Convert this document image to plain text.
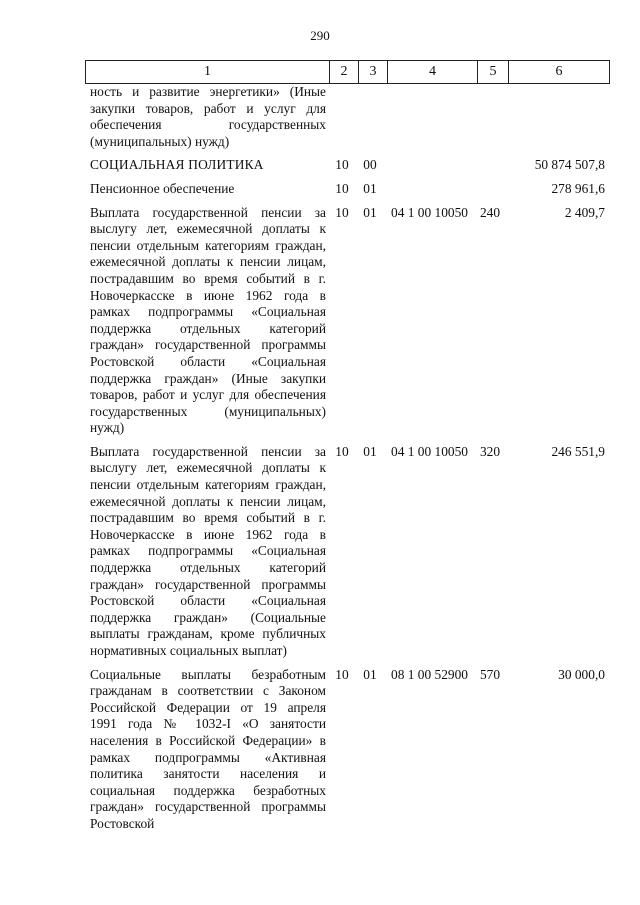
290
1	2	3	4	5	6
ность и развитие энергетики» (Иные закупки товаров, работ и услуг для обеспечения государственных (муниципальных) нужд)					
СОЦИАЛЬНАЯ ПОЛИТИКА	10	00			50 874 507,8
Пенсионное обеспечение	10	01			278 961,6
Выплата государственной пенсии за выслугу лет, ежемесячной доплаты к пенсии отдельным категориям граждан, ежемесячной доплаты к пенсии лицам, пострадавшим во время событий в г. Новочеркасске в июне 1962 года в рамках подпрограммы «Социальная поддержка отдельных категорий граждан» государственной программы Ростовской области «Социальная поддержка граждан» (Иные закупки товаров, работ и услуг для обеспечения государственных (муниципальных) нужд)	10	01	04 1 00 10050	240	2 409,7
Выплата государственной пенсии за выслугу лет, ежемесячной доплаты к пенсии отдельным категориям граждан, ежемесячной доплаты к пенсии лицам, пострадавшим во время событий в г. Новочеркасске в июне 1962 года в рамках подпрограммы «Социальная поддержка отдельных категорий граждан» государственной программы Ростовской области «Социальная поддержка граждан» (Социальные выплаты гражданам, кроме публичных нормативных социальных выплат)	10	01	04 1 00 10050	320	246 551,9
Социальные выплаты безработным гражданам в соответствии с Законом Российской Федерации от 19 апреля 1991 года № 1032-I «О занятости населения в Российской Федерации» в рамках подпрограммы «Активная политика занятости населения и социальная поддержка безработных граждан» государственной программы Ростовской	10	01	08 1 00 52900	570	30 000,0
